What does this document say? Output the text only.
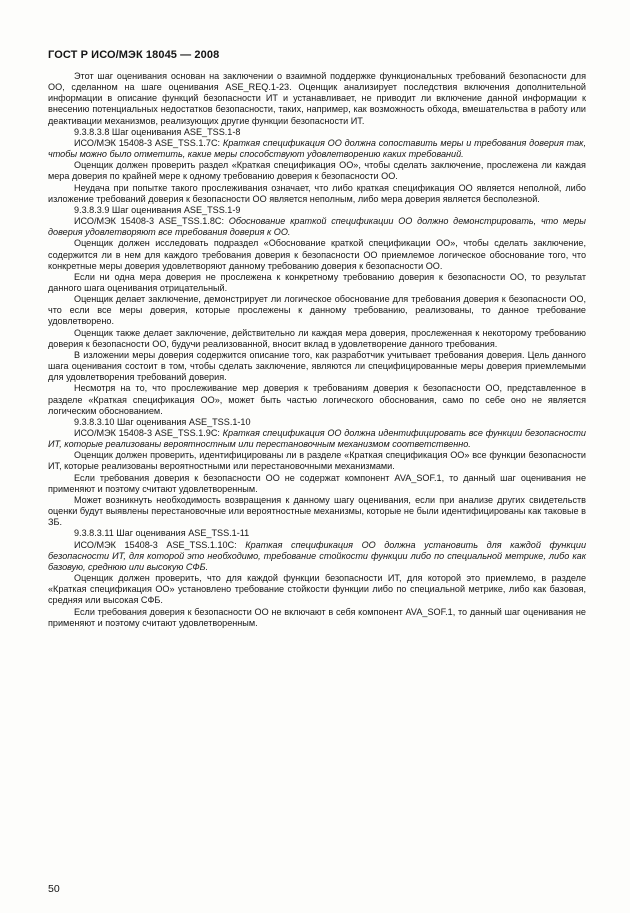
ГОСТ Р ИСО/МЭК 18045 — 2008

Этот шаг оценивания основан на заключении о взаимной поддержке функциональных требований безопасности для ОО, сделанном на шаге оценивания ASE_REQ.1-23. Оценщик анализирует последствия включения дополнительной информации в описание функций безопасности ИТ и устанавливает, не приводит ли включение данной информации к внесению потенциальных недостатков безопасности, таких, например, как возможность обхода, вмешательства в работу или деактивации механизмов, реализующих другие функции безопасности ИТ.

9.3.8.3.8 Шаг оценивания ASE_TSS.1-8

ИСО/МЭК 15408-3 ASE_TSS.1.7С: Краткая спецификация ОО должна сопоставить меры и требования доверия так, чтобы можно было отметить, какие меры способствуют удовлетворению каких требований.

Оценщик должен проверить раздел «Краткая спецификация ОО», чтобы сделать заключение, прослежена ли каждая мера доверия по крайней мере к одному требованию доверия к безопасности ОО.

Неудача при попытке такого прослеживания означает, что либо краткая спецификация ОО является неполной, либо изложение требований доверия к безопасности ОО является неполным, либо мера доверия является бесполезной.

9.3.8.3.9 Шаг оценивания ASE_TSS.1-9

ИСО/МЭК 15408-3 ASE_TSS.1.8С: Обоснование краткой спецификации ОО должно демонстрировать, что меры доверия удовлетворяют все требования доверия к ОО.

Оценщик должен исследовать подраздел «Обоснование краткой спецификации ОО», чтобы сделать заключение, содержится ли в нем для каждого требования доверия к безопасности ОО приемлемое логическое обоснование того, что конкретные меры доверия удовлетворяют данному требованию доверия к безопасности ОО.

Если ни одна мера доверия не прослежена к конкретному требованию доверия к безопасности ОО, то результат данного шага оценивания отрицательный.

Оценщик делает заключение, демонстрирует ли логическое обоснование для требования доверия к безопасности ОО, что если все меры доверия, которые прослежены к данному требованию, реализованы, то данное требование удовлетворено.

Оценщик также делает заключение, действительно ли каждая мера доверия, прослеженная к некоторому требованию доверия к безопасности ОО, будучи реализованной, вносит вклад в удовлетворение данного требования.

В изложении меры доверия содержится описание того, как разработчик учитывает требования доверия. Цель данного шага оценивания состоит в том, чтобы сделать заключение, являются ли специфицированные меры доверия приемлемыми для удовлетворения требований доверия.

Несмотря на то, что прослеживание мер доверия к требованиям доверия к безопасности ОО, представленное в разделе «Краткая спецификация ОО», может быть частью логического обоснования, само по себе оно не является логическим обоснованием.

9.3.8.3.10 Шаг оценивания ASE_TSS.1-10

ИСО/МЭК 15408-3 ASE_TSS.1.9С: Краткая спецификация ОО должна идентифицировать все функции безопасности ИТ, которые реализованы вероятностным или перестановочным механизмом соответственно.

Оценщик должен проверить, идентифицированы ли в разделе «Краткая спецификация ОО» все функции безопасности ИТ, которые реализованы вероятностными или перестановочными механизмами.

Если требования доверия к безопасности ОО не содержат компонент AVA_SOF.1, то данный шаг оценивания не применяют и поэтому считают удовлетворенным.

Может возникнуть необходимость возвращения к данному шагу оценивания, если при анализе других свидетельств оценки будут выявлены перестановочные или вероятностные механизмы, которые не были идентифицированы как таковые в ЗБ.

9.3.8.3.11 Шаг оценивания ASE_TSS.1-11

ИСО/МЭК 15408-3 ASE_TSS.1.10С: Краткая спецификация ОО должна установить для каждой функции безопасности ИТ, для которой это необходимо, требование стойкости функции либо по специальной метрике, либо как базовую, среднюю или высокую СФБ.

Оценщик должен проверить, что для каждой функции безопасности ИТ, для которой это приемлемо, в разделе «Краткая спецификация ОО» установлено требование стойкости функции либо по специальной метрике, либо как базовая, средняя или высокая СФБ.

Если требования доверия к безопасности ОО не включают в себя компонент AVA_SOF.1, то данный шаг оценивания не применяют и поэтому считают удовлетворенным.

50
